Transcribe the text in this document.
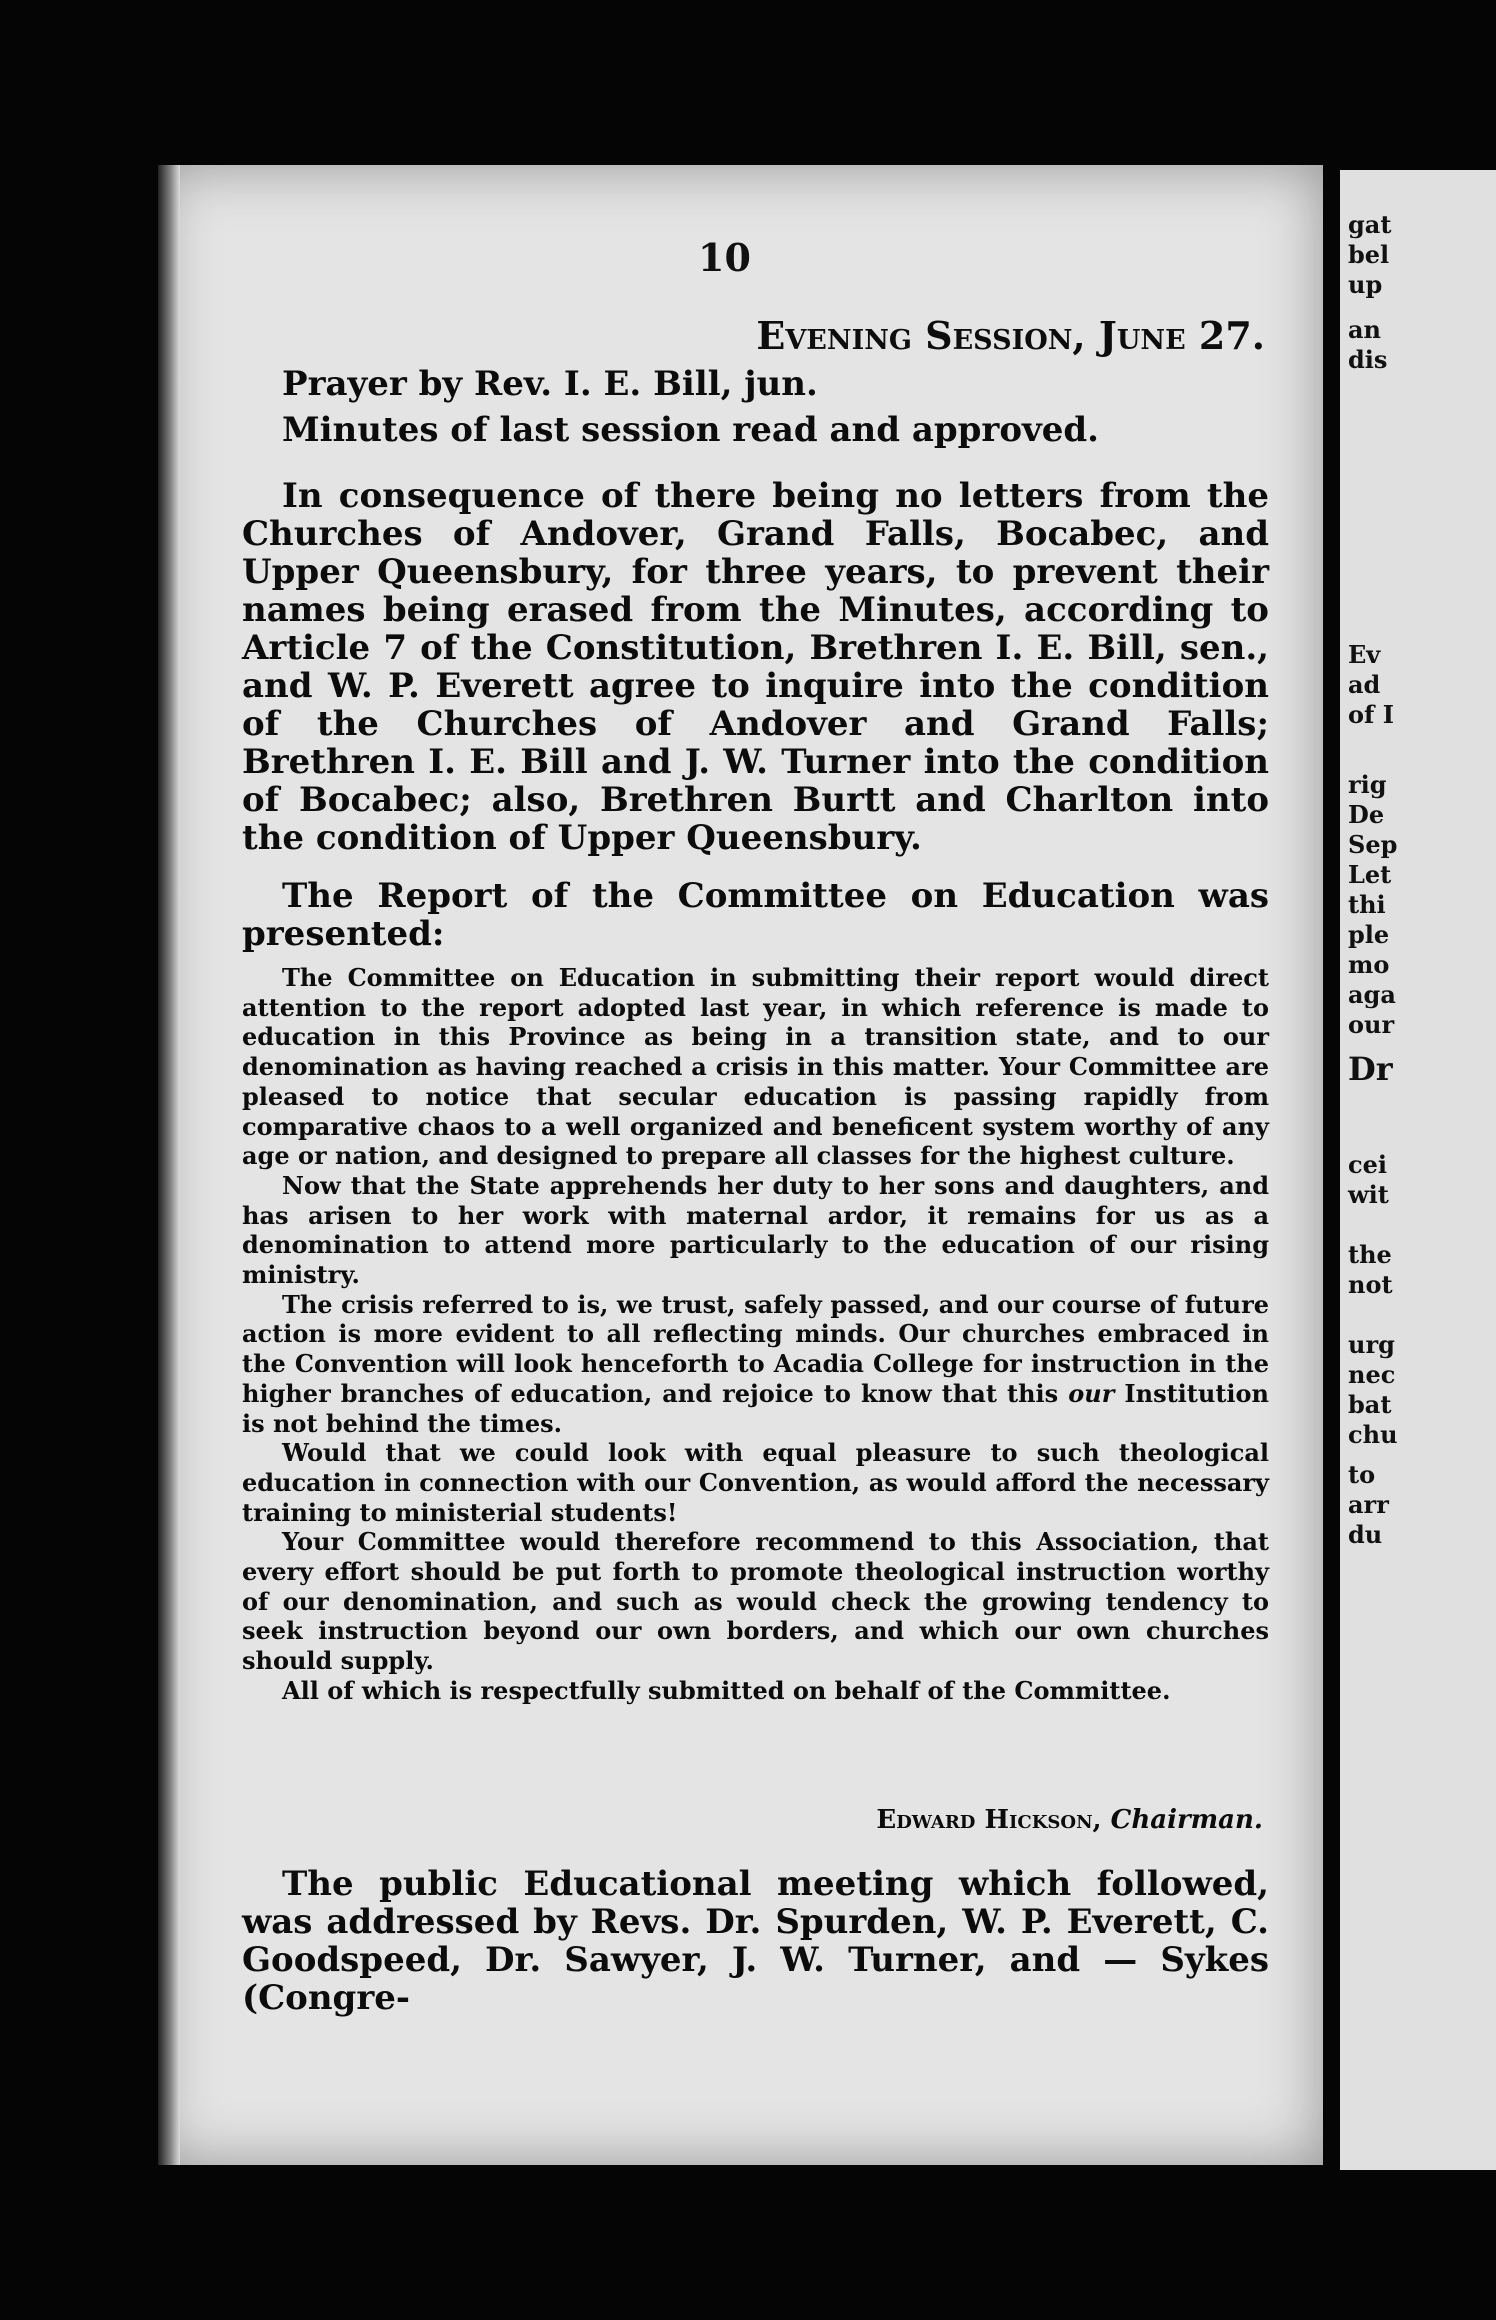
gat
bel
up
an
dis
Ev
ad
of I
rig
De
Sep
Let
thi
ple
mo
aga
our
Dr
cei
wit
the
not
urg
nec
bat
chu
to
arr
du
10
Evening Session, June 27.

Prayer by Rev. I. E. Bill, jun.

Minutes of last session read and approved.

In consequence of there being no letters from the Churches of Andover, Grand Falls, Bocabec, and Upper Queensbury, for three years, to prevent their names being erased from the Minutes, according to Article 7 of the Constitution, Brethren I. E. Bill, sen., and W. P. Everett agree to inquire into the condition of the Churches of Andover and Grand Falls; Brethren I. E. Bill and J. W. Turner into the condition of Bocabec; also, Brethren Burtt and Charlton into the condition of Upper Queensbury.

The Report of the Committee on Education was presented:

The Committee on Education in submitting their report would direct attention to the report adopted last year, in which reference is made to education in this Province as being in a transition state, and to our denomination as having reached a crisis in this matter. Your Committee are pleased to notice that secular education is passing rapidly from comparative chaos to a well organized and beneficent system worthy of any age or nation, and designed to prepare all classes for the highest culture.

Now that the State apprehends her duty to her sons and daughters, and has arisen to her work with maternal ardor, it remains for us as a denomination to attend more particularly to the education of our rising ministry.

The crisis referred to is, we trust, safely passed, and our course of future action is more evident to all reflecting minds. Our churches embraced in the Convention will look henceforth to Acadia College for instruction in the higher branches of education, and rejoice to know that this our Institution is not behind the times.

Would that we could look with equal pleasure to such theological education in connection with our Convention, as would afford the necessary training to ministerial students!

Your Committee would therefore recommend to this Association, that every effort should be put forth to promote theological instruction worthy of our denomination, and such as would check the growing tendency to seek instruction beyond our own borders, and which our own churches should supply.

All of which is respectfully submitted on behalf of the Committee.

Edward Hickson, Chairman.

The public Educational meeting which followed, was addressed by Revs. Dr. Spurden, W. P. Everett, C. Goodspeed, Dr. Sawyer, J. W. Turner, and — Sykes (Congre-
